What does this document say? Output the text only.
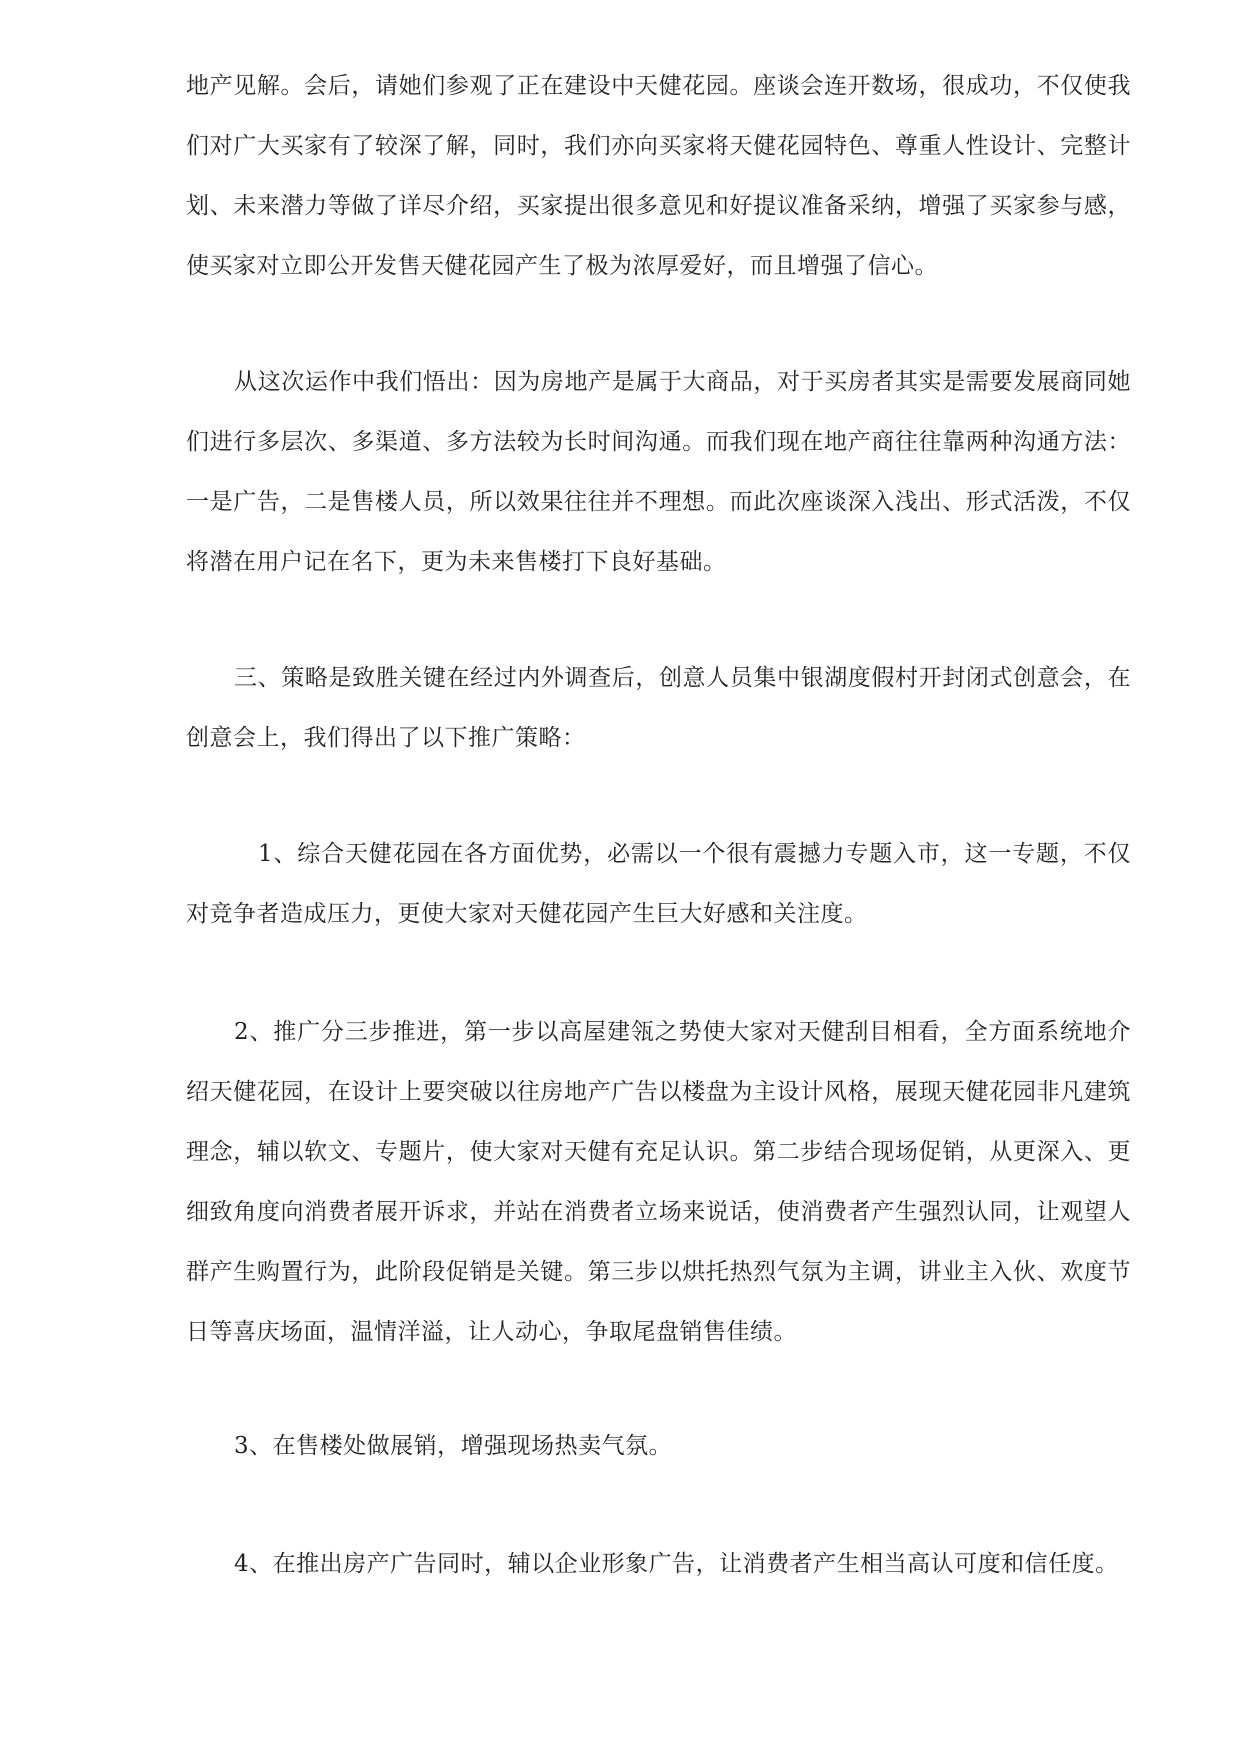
地产见解。会后，请她们参观了正在建设中天健花园。座谈会连开数场，很成功，不仅使我们对广大买家有了较深了解，同时，我们亦向买家将天健花园特色、尊重人性设计、完整计划、未来潜力等做了详尽介绍，买家提出很多意见和好提议准备采纳，增强了买家参与感，使买家对立即公开发售天健花园产生了极为浓厚爱好，而且增强了信心。

从这次运作中我们悟出：因为房地产是属于大商品，对于买房者其实是需要发展商同她们进行多层次、多渠道、多方法较为长时间沟通。而我们现在地产商往往靠两种沟通方法：一是广告，二是售楼人员，所以效果往往并不理想。而此次座谈深入浅出、形式活泼，不仅将潜在用户记在名下，更为未来售楼打下良好基础。

三、策略是致胜关键在经过内外调查后，创意人员集中银湖度假村开封闭式创意会，在创意会上，我们得出了以下推广策略：

1、综合天健花园在各方面优势，必需以一个很有震撼力专题入市，这一专题，不仅对竞争者造成压力，更使大家对天健花园产生巨大好感和关注度。

2、推广分三步推进，第一步以高屋建瓴之势使大家对天健刮目相看，全方面系统地介绍天健花园，在设计上要突破以往房地产广告以楼盘为主设计风格，展现天健花园非凡建筑理念，辅以软文、专题片，使大家对天健有充足认识。第二步结合现场促销，从更深入、更细致角度向消费者展开诉求，并站在消费者立场来说话，使消费者产生强烈认同，让观望人群产生购置行为，此阶段促销是关键。第三步以烘托热烈气氛为主调，讲业主入伙、欢度节日等喜庆场面，温情洋溢，让人动心，争取尾盘销售佳绩。

3、在售楼处做展销，增强现场热卖气氛。

4、在推出房产广告同时，辅以企业形象广告，让消费者产生相当高认可度和信任度。
